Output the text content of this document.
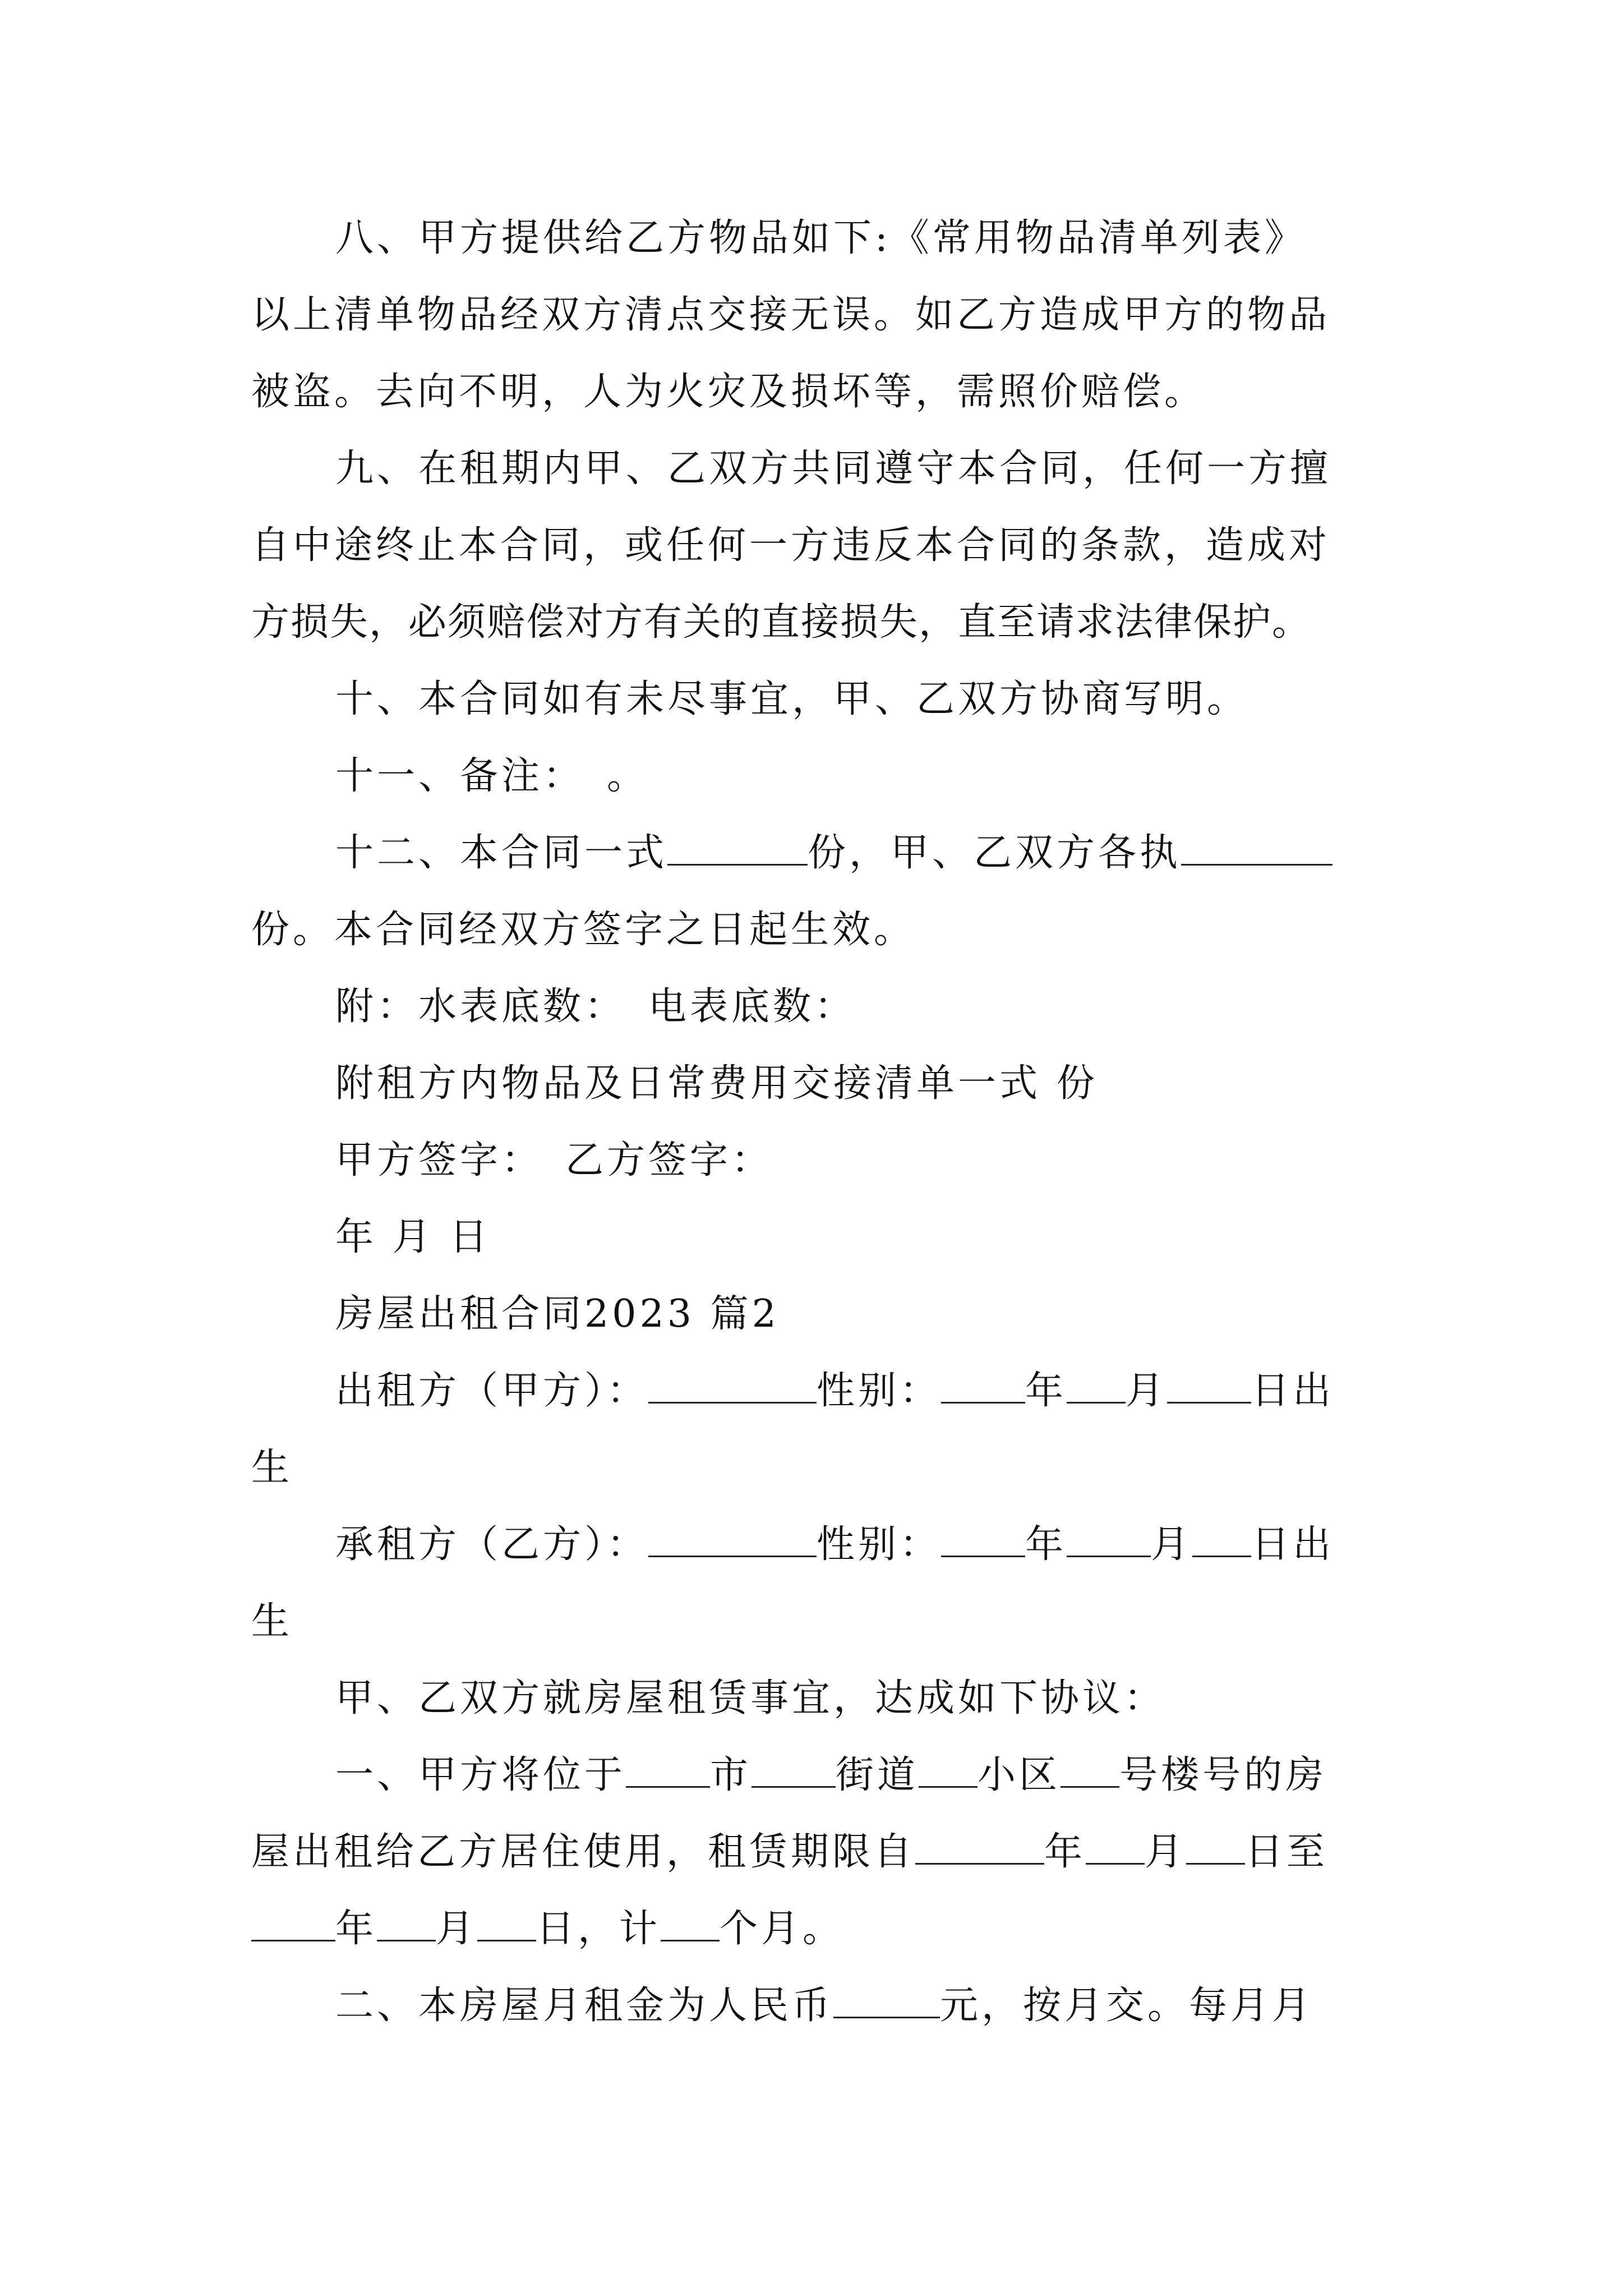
八、甲方提供给乙方物品如下:《常用物品清单列表》
以上清单物品经双方清点交接无误。如乙方造成甲方的物品
被盗。去向不明，人为火灾及损坏等，需照价赔偿。
九、在租期内甲、乙双方共同遵守本合同，任何一方擅
自中途终止本合同，或任何一方违反本合同的条款，造成对
方损失，必须赔偿对方有关的直接损失，直至请求法律保护。
十、本合同如有未尽事宜，甲、乙双方协商写明。
十一、备注：　。
十二、本合同一式	份，甲、乙双方各执
份。本合同经双方签字之日起生效。
附：水表底数：　电表底数：
附租方内物品及日常费用交接清单一式 份
甲方签字：　乙方签字：
年 月 日
房屋出租合同2023 篇2
出租方（甲方）：	性别： 年 月 日出
生
承租方（乙方）：	性别： 年 月 日出
生
甲、乙双方就房屋租赁事宜，达成如下协议：
一、甲方将位于 市 街道 小区 号楼号的房
屋出租给乙方居住使用，租赁期限自	年 月 日至
年 月 日，计 个月。
二、本房屋月租金为人民币	元，按月交。每月月
